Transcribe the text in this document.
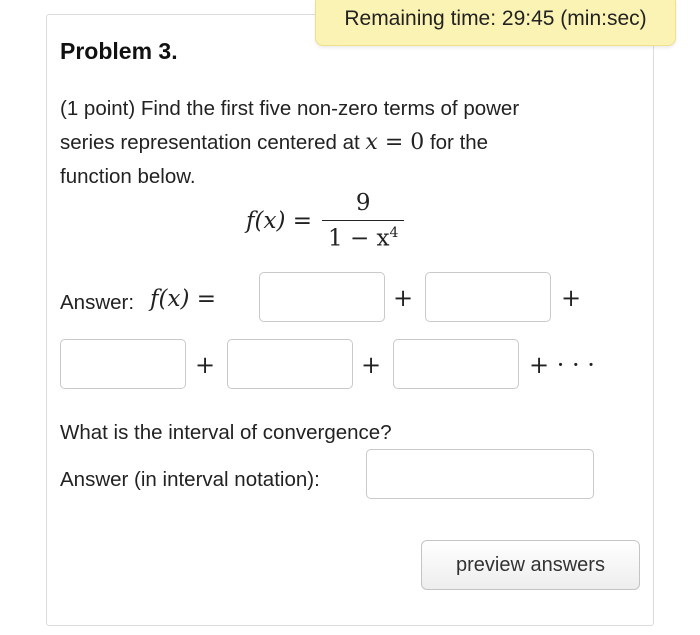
Remaining time: 29:45 (min:sec)
Problem 3.
(1 point) Find the first five non-zero terms of power
series representation centered at x = 0 for the
function below.
$f(x) = \frac{9}{1 - x^4}$
Answer: f(x) =	+	+
+	+	+ · · ·
What is the interval of convergence?
Answer (in interval notation):
preview answers
